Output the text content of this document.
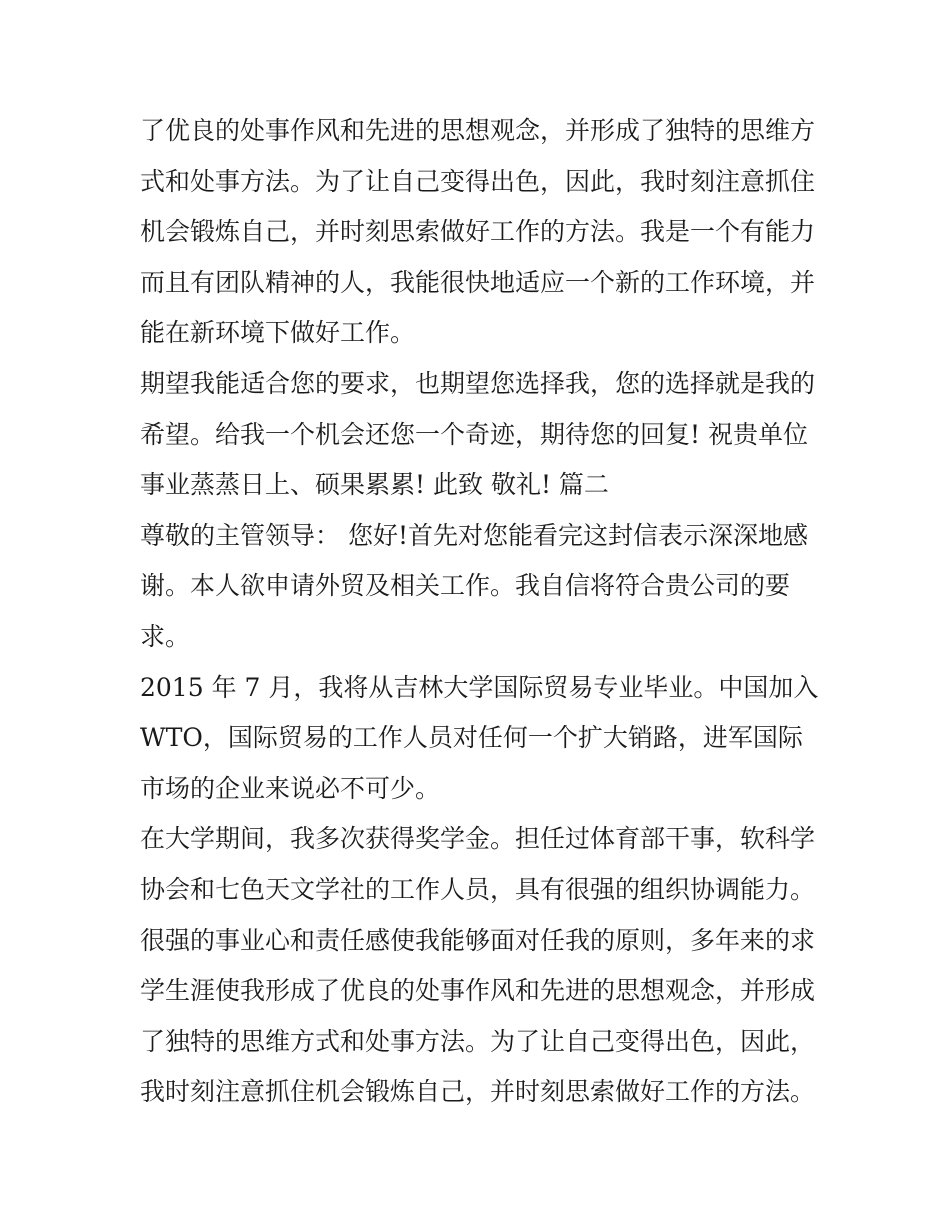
了优良的处事作风和先进的思想观念，并形成了独特的思维方
式和处事方法。为了让自己变得出色，因此，我时刻注意抓住
机会锻炼自己，并时刻思索做好工作的方法。我是一个有能力
而且有团队精神的人，我能很快地适应一个新的工作环境，并
能在新环境下做好工作。
期望我能适合您的要求，也期望您选择我，您的选择就是我的
希望。给我一个机会还您一个奇迹，期待您的回复! 祝贵单位
事业蒸蒸日上、硕果累累! 此致 敬礼! 篇二
尊敬的主管领导： 您好!首先对您能看完这封信表示深深地感
谢。本人欲申请外贸及相关工作。我自信将符合贵公司的要
求。
2015 年 7 月，我将从吉林大学国际贸易专业毕业。中国加入
WTO，国际贸易的工作人员对任何一个扩大销路，进军国际
市场的企业来说必不可少。
在大学期间，我多次获得奖学金。担任过体育部干事，软科学
协会和七色天文学社的工作人员，具有很强的组织协调能力。
很强的事业心和责任感使我能够面对任我的原则，多年来的求
学生涯使我形成了优良的处事作风和先进的思想观念，并形成
了独特的思维方式和处事方法。为了让自己变得出色，因此，
我时刻注意抓住机会锻炼自己，并时刻思索做好工作的方法。
